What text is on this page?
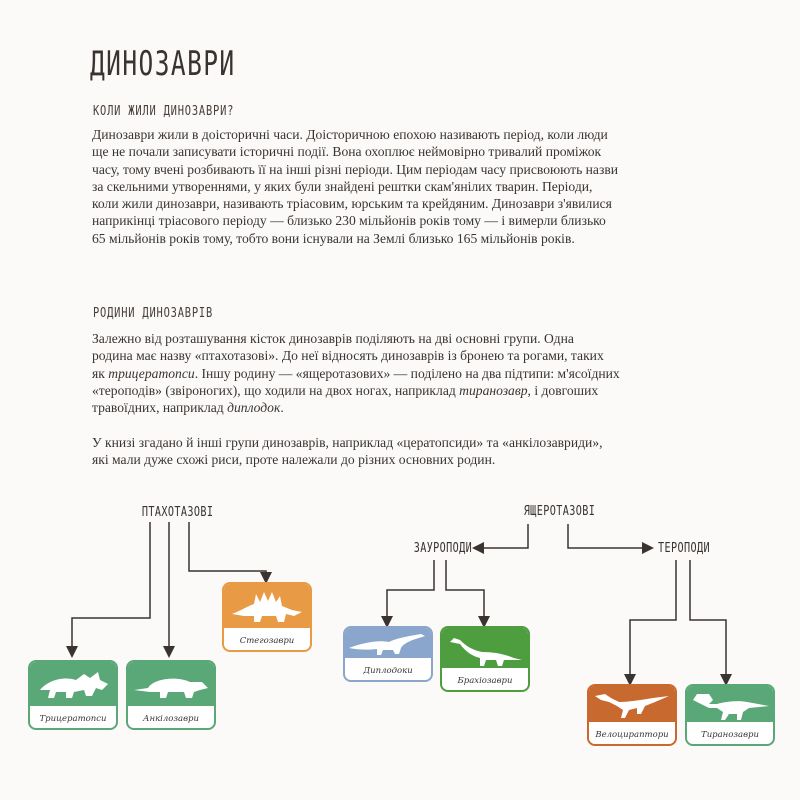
ДИНОЗАВРИ
КОЛИ ЖИЛИ ДИНОЗАВРИ?

Динозаври жили в доісторичні часи. Доісторичною епохою називають період, коли люди
ще не почали записувати історичні події. Вона охоплює неймовірно тривалий проміжок
часу, тому вчені розбивають її на інші різні періоди. Цим періодам часу присвоюють назви
за скельними утвореннями, у яких були знайдені рештки скам'янілих тварин. Періоди,
коли жили динозаври, називають тріасовим, юрським та крейдяним. Динозаври з'явилися
наприкінці тріасового періоду — близько 230 мільйонів років тому — і вимерли близько
65 мільйонів років тому, тобто вони існували на Землі близько 165 мільйонів років.

РОДИНИ ДИНОЗАВРІВ

Залежно від розташування кісток динозаврів поділяють на дві основні групи. Одна
родина має назву «птахотазові». До неї відносять динозаврів із бронею та рогами, таких
як трицератопси. Іншу родину — «ящеротазових» — поділено на два підтипи: м'ясоїдних
«тероподів» (звіроногих), що ходили на двох ногах, наприклад тиранозавр, і довгоших
травоїдних, наприклад диплодок.

У книзі згадано й інші групи динозаврів, наприклад «цератопсиди» та «анкілозавриди»,
які мали дуже схожі риси, проте належали до різних основних родин.

ПТАХОТАЗОВІ	ЯЩЕРОТАЗОВІ
ЗАУРОПОДИ	ТЕРОПОДИ
Трицератопси	Анкілозаври
Стегозаври
Диплодоки
Брахіозаври
Велоцираптори	Тиранозаври
